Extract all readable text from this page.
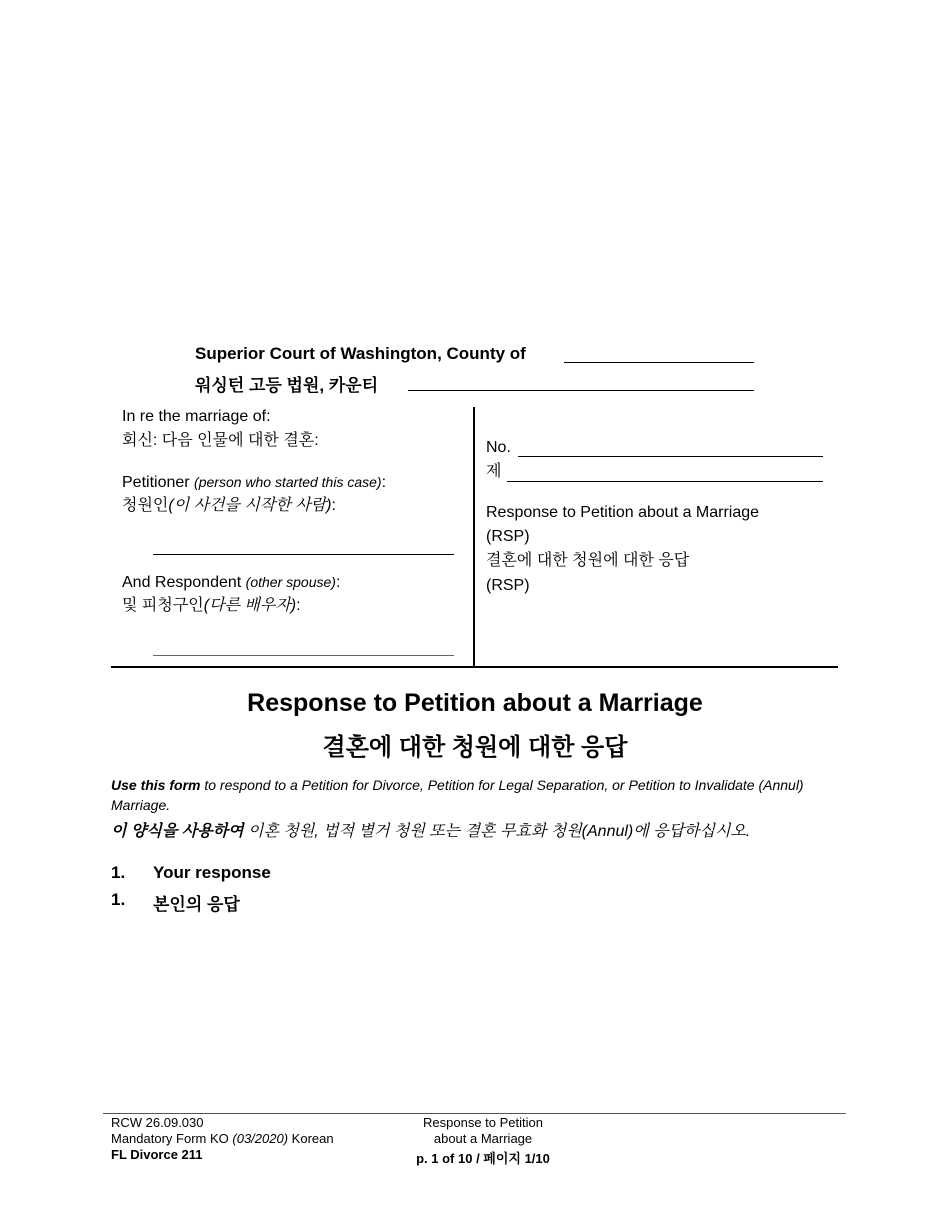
Superior Court of Washington, County of
워싱턴 고등 법원, 카운티
In re the marriage of:
회신: 다음 인물에 대한 결혼:
Petitioner (person who started this case):
청원인(이 사건을 시작한 사람):
And Respondent (other spouse):
및 피청구인(다른 배우자):
No.
제
Response to Petition about a Marriage
(RSP)
결혼에 대한 청원에 대한 응답
(RSP)
Response to Petition about a Marriage
결혼에 대한 청원에 대한 응답
Use this form to respond to a Petition for Divorce, Petition for Legal Separation, or Petition to Invalidate (Annul) Marriage.
이 양식을 사용하여 이혼 청원, 법적 별거 청원 또는 결혼 무효화 청원(Annul)에 응답하십시오.
1. Your response
1. 본인의 응답
RCW 26.09.030
Mandatory Form KO (03/2020) Korean
FL Divorce 211
Response to Petition
about a Marriage
p. 1 of 10 / 페이지 1/10
